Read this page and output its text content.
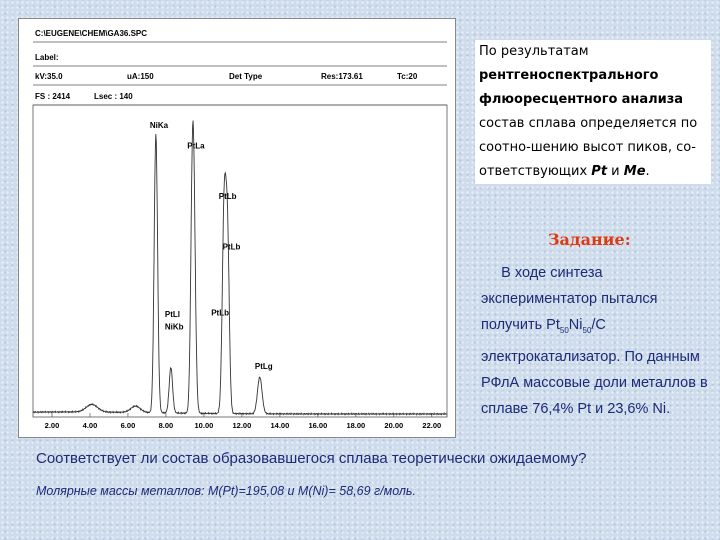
C:\EUGENE\CHEM\GA36.SPC
Label:
kV:35.0	uA:150	Det Type	Res:173.61	Tc:20
FS : 2414	Lsec : 140
2.00	4.00	6.00	8.00	10.00	12.00	14.00	16.00	18.00	20.00	22.00
NiKa
PtLa
PtLb
PtLb
PtLl
NiKb
PtLb
PtLg
По результатам рентгеноспектрального флюоресцентного анализа состав сплава определяется по соотно-шению высот пиков, со-ответствующих Pt и Me.
Задание:
В ходе синтеза экспериментатор пытался получить $Pt_{50}Ni_{50}/C$ электрокатализатор. По данным РФлА массовые доли металлов в сплаве 76,4% Pt и 23,6% Ni.
Соответствует ли состав образовавшегося сплава теоретически ожидаемому?
Молярные массы металлов: M(Pt)=195,08 и M(Ni)= 58,69 г/моль.
